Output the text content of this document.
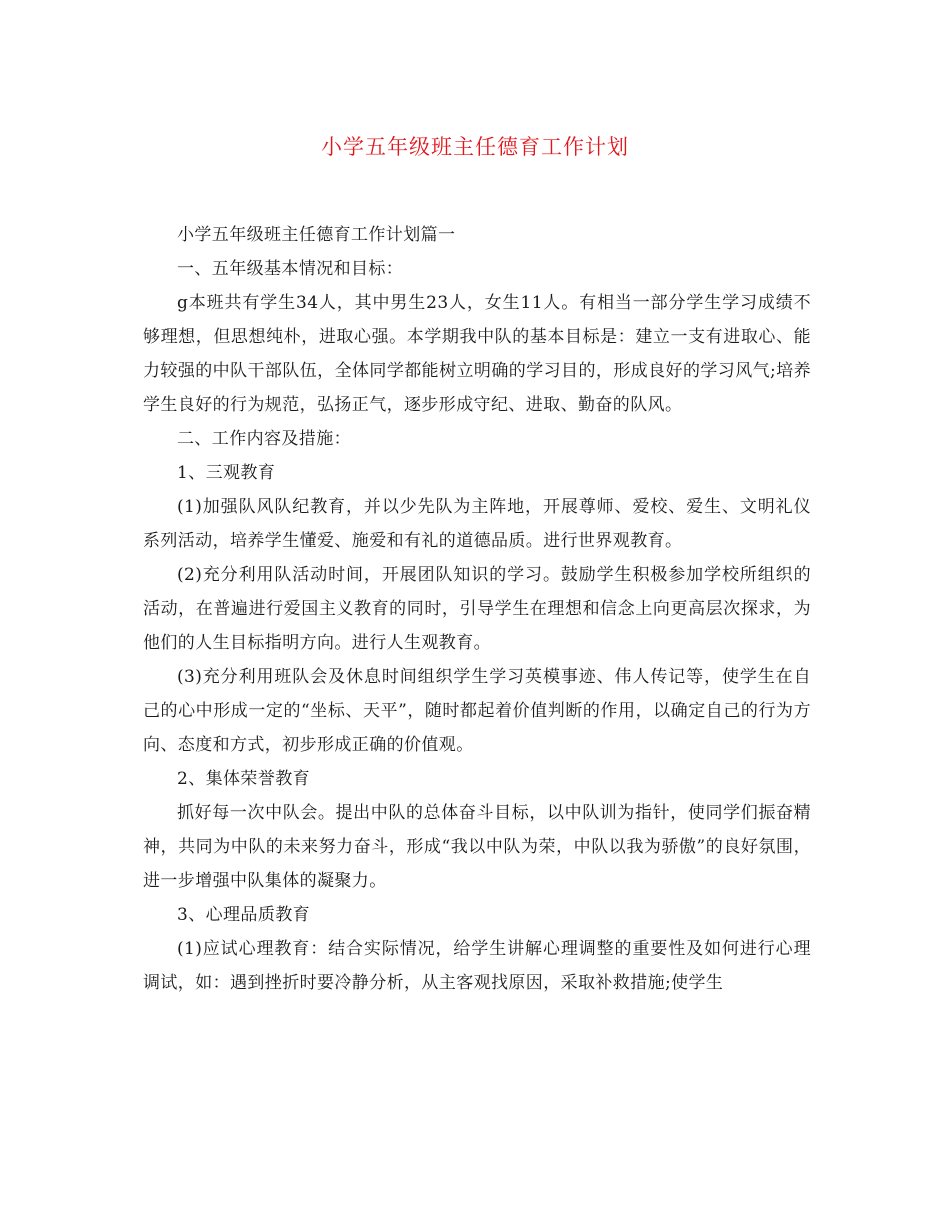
小学五年级班主任德育工作计划

小学五年级班主任德育工作计划篇一

一、五年级基本情况和目标：

g本班共有学生34人，其中男生23人，女生11人。有相当一部分学生学习成绩不够理想，但思想纯朴，进取心强。本学期我中队的基本目标是：建立一支有进取心、能力较强的中队干部队伍，全体同学都能树立明确的学习目的，形成良好的学习风气;培养学生良好的行为规范，弘扬正气，逐步形成守纪、进取、勤奋的队风。

二、工作内容及措施：

1、三观教育

(1)加强队风队纪教育，并以少先队为主阵地，开展尊师、爱校、爱生、文明礼仪系列活动，培养学生懂爱、施爱和有礼的道德品质。进行世界观教育。

(2)充分利用队活动时间，开展团队知识的学习。鼓励学生积极参加学校所组织的活动，在普遍进行爱国主义教育的同时，引导学生在理想和信念上向更高层次探求，为他们的人生目标指明方向。进行人生观教育。

(3)充分利用班队会及休息时间组织学生学习英模事迹、伟人传记等，使学生在自己的心中形成一定的“坐标、天平”，随时都起着价值判断的作用，以确定自己的行为方向、态度和方式，初步形成正确的价值观。

2、集体荣誉教育

抓好每一次中队会。提出中队的总体奋斗目标，以中队训为指针，使同学们振奋精神，共同为中队的未来努力奋斗，形成“我以中队为荣，中队以我为骄傲”的良好氛围，进一步增强中队集体的凝聚力。

3、心理品质教育

(1)应试心理教育：结合实际情况，给学生讲解心理调整的重要性及如何进行心理调试，如：遇到挫折时要冷静分析，从主客观找原因，采取补救措施;使学生
